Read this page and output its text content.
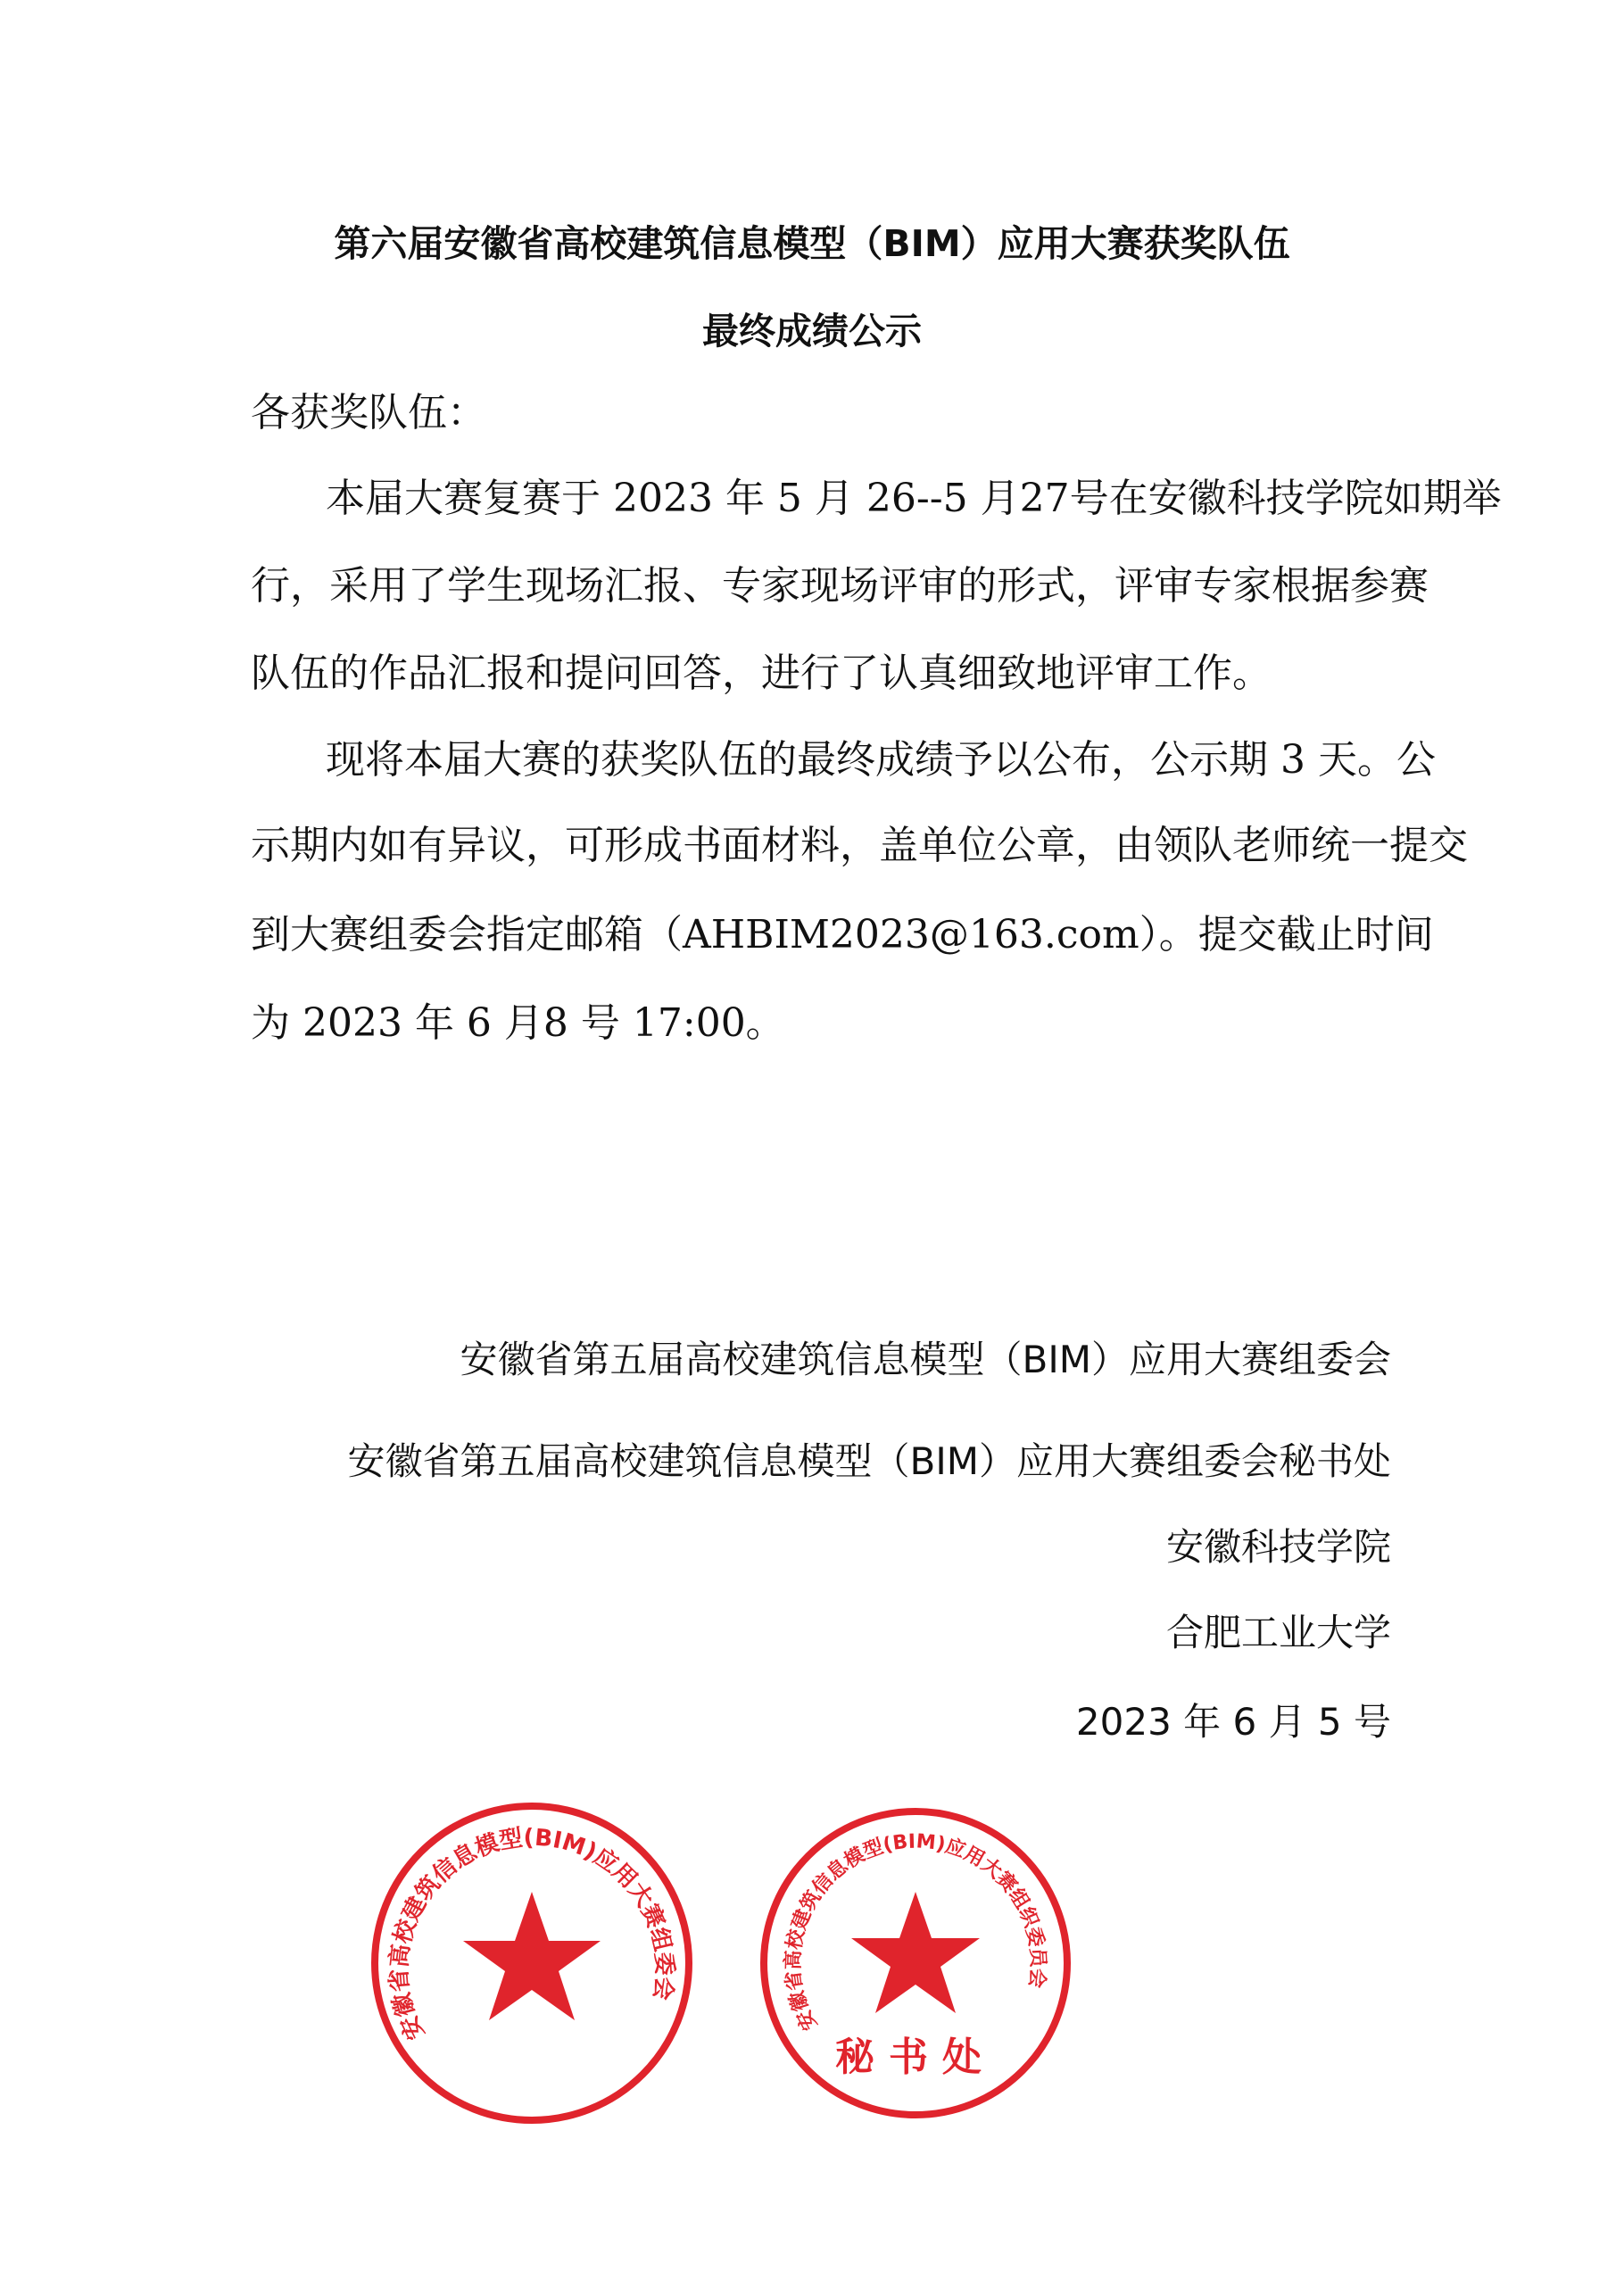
第六届安徽省高校建筑信息模型（BIM）应用大赛获奖队伍
最终成绩公示
各获奖队伍：
本届大赛复赛于 2023 年 5 月 26--5 月27号在安徽科技学院如期举
行，采用了学生现场汇报、专家现场评审的形式，评审专家根据参赛
队伍的作品汇报和提问回答，进行了认真细致地评审工作。
现将本届大赛的获奖队伍的最终成绩予以公布，公示期 3 天。公
示期内如有异议，可形成书面材料，盖单位公章，由领队老师统一提交
到大赛组委会指定邮箱（AHBIM2023@163.com）。提交截止时间
为 2023 年 6 月8 号 17:00。
安徽省第五届高校建筑信息模型（BIM）应用大赛组委会
安徽省第五届高校建筑信息模型（BIM）应用大赛组委会秘书处
安徽科技学院
合肥工业大学
2023 年 6 月 5 号
安徽省高校建筑信息模型(BIM)应用大赛组委会
安徽省高校建筑信息模型(BIM)应用大赛组织委员会
秘书处
